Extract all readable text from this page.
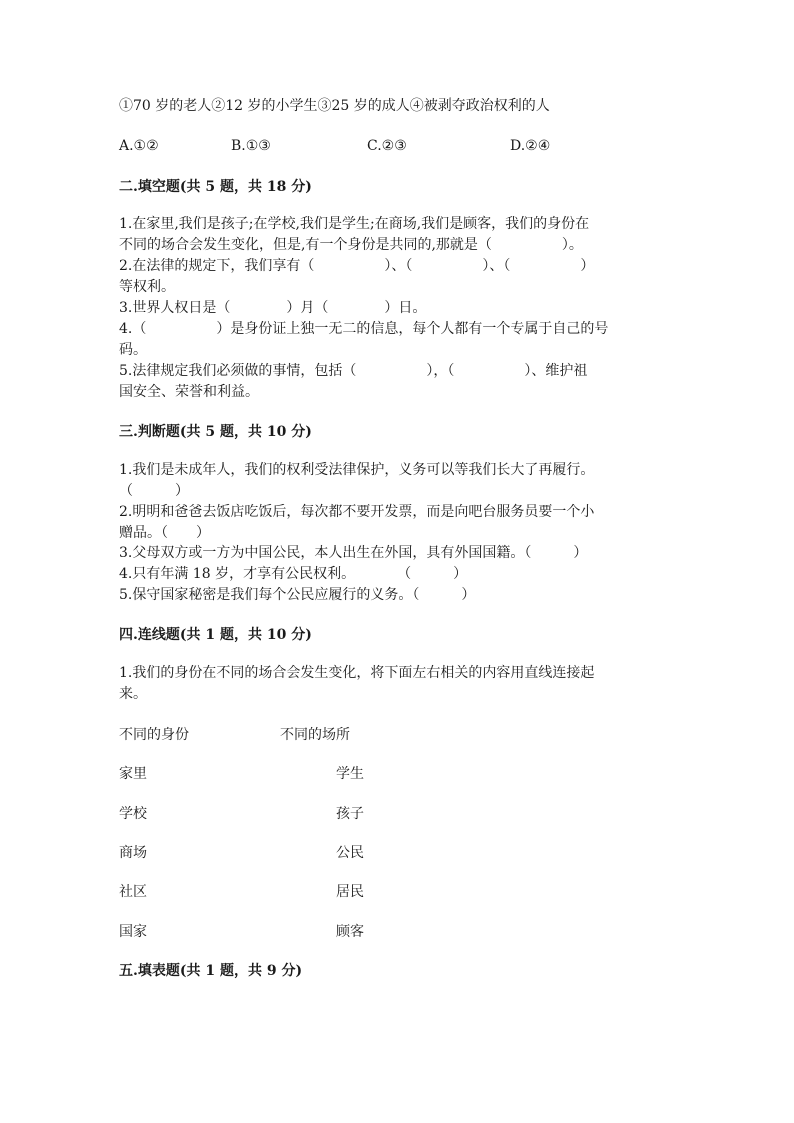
①70 岁的老人②12 岁的小学生③25 岁的成人④被剥夺政治权利的人
A.①②	B.①③	C.②③	D.②④
二.填空题(共 5 题，共 18 分)
1.在家里,我们是孩子;在学校,我们是学生;在商场,我们是顾客，我们的身份在
不同的场合会发生变化，但是,有一个身份是共同的,那就是（　　　　　）。
2.在法律的规定下，我们享有（　　　　　）、（　　　　　）、（　　　　　）
等权利。
3.世界人权日是（　　　　）月（　　　　）日。
4.（　　　　　）是身份证上独一无二的信息，每个人都有一个专属于自己的号
码。
5.法律规定我们必须做的事情，包括（　　　　　），（　　　　　）、维护祖
国安全、荣誉和利益。
三.判断题(共 5 题，共 10 分)
1.我们是未成年人，我们的权利受法律保护，义务可以等我们长大了再履行。
（　　　）
2.明明和爸爸去饭店吃饭后，每次都不要开发票，而是向吧台服务员要一个小
赠品。（　　）
3.父母双方或一方为中国公民，本人出生在外国，具有外国国籍。（　　　）
4.只有年满 18 岁，才享有公民权利。　　　　（　　　）
5.保守国家秘密是我们每个公民应履行的义务。（　　　）
四.连线题(共 1 题，共 10 分)
1.我们的身份在不同的场合会发生变化，将下面左右相关的内容用直线连接起
来。
不同的身份	不同的场所
家里	学生
学校	孩子
商场	公民
社区	居民
国家	顾客
五.填表题(共 1 题，共 9 分)
